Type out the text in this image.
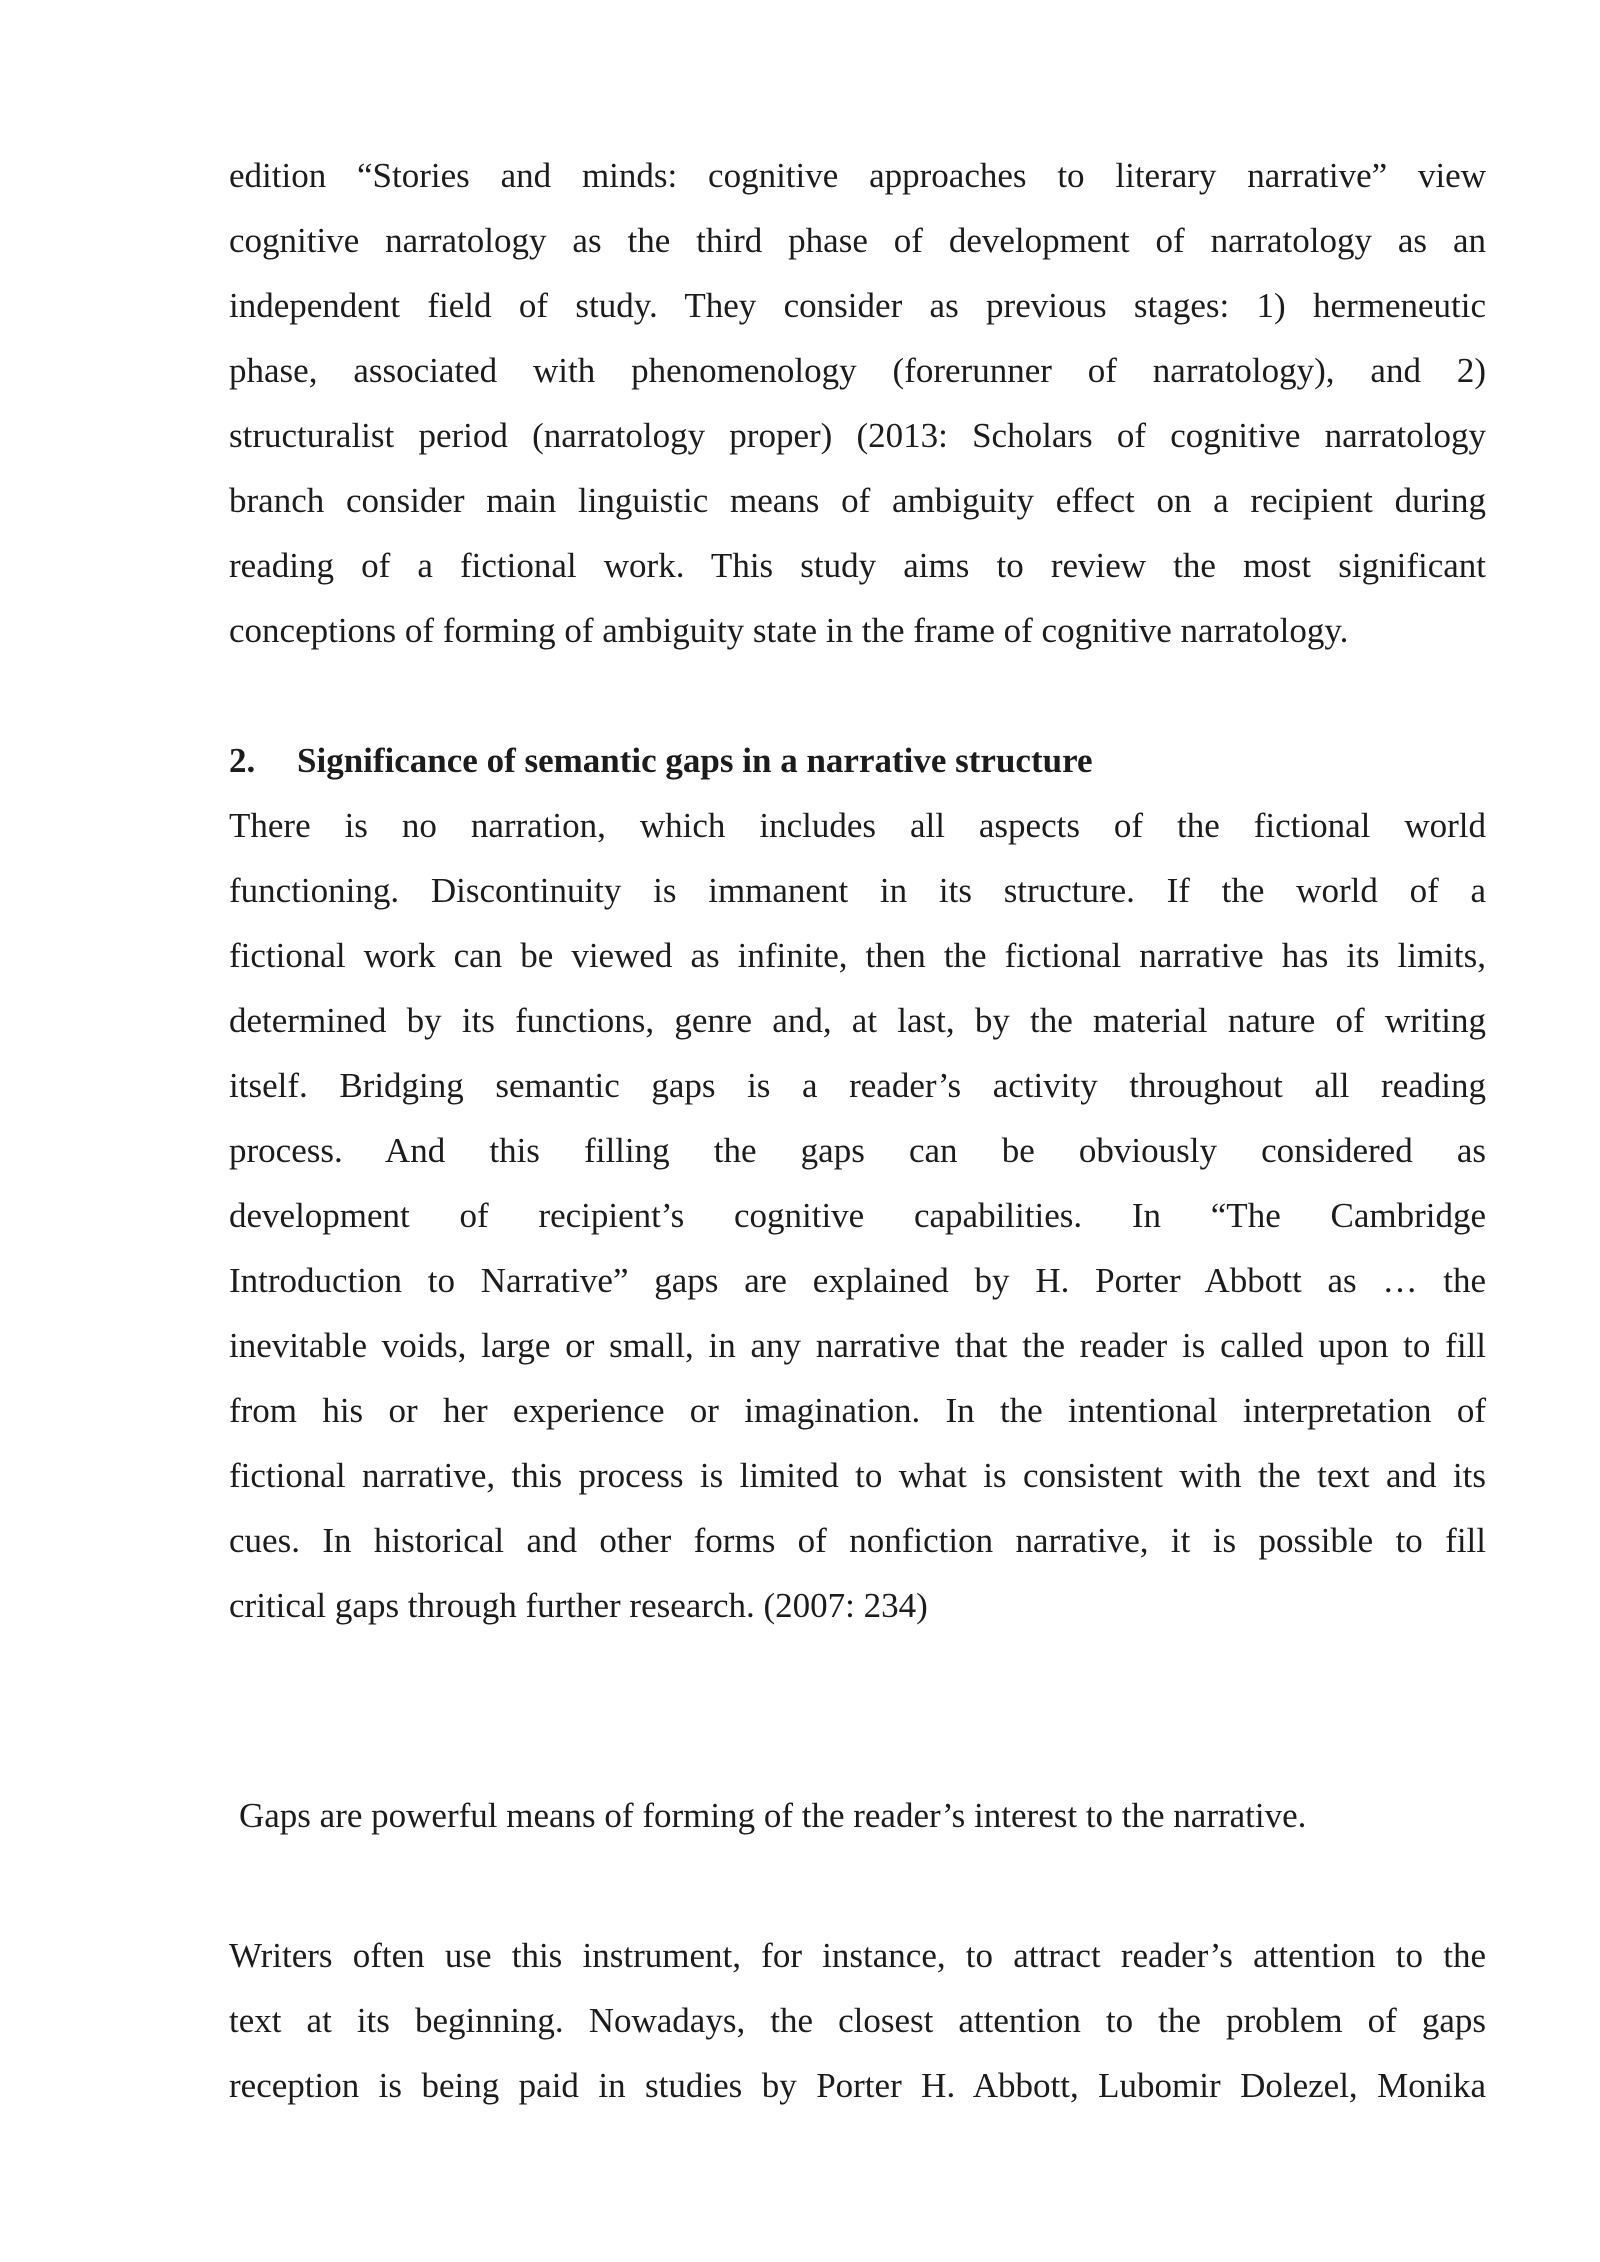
edition “Stories and minds: cognitive approaches to literary narrative” view
cognitive narratology as the third phase of development of narratology as an
independent field of study. They consider as previous stages: 1) hermeneutic
phase, associated with phenomenology (forerunner of narratology), and 2)
structuralist period (narratology proper) (2013: Scholars of cognitive narratology
branch consider main linguistic means of ambiguity effect on a recipient during
reading of a fictional work. This study aims to review the most significant
conceptions of forming of ambiguity state in the frame of cognitive narratology.
2. Significance of semantic gaps in a narrative structure
There is no narration, which includes all aspects of the fictional world
functioning. Discontinuity is immanent in its structure. If the world of a
fictional work can be viewed as infinite, then the fictional narrative has its limits,
determined by its functions, genre and, at last, by the material nature of writing
itself. Bridging semantic gaps is a reader’s activity throughout all reading
process. And this filling the gaps can be obviously considered as
development of recipient’s cognitive capabilities. In “The Cambridge
Introduction to Narrative” gaps are explained by H. Porter Abbott as … the
inevitable voids, large or small, in any narrative that the reader is called upon to fill
from his or her experience or imagination. In the intentional interpretation of
fictional narrative, this process is limited to what is consistent with the text and its
cues. In historical and other forms of nonfiction narrative, it is possible to fill
critical gaps through further research. (2007: 234)
Gaps are powerful means of forming of the reader’s interest to the narrative.
Writers often use this instrument, for instance, to attract reader’s attention to the
text at its beginning. Nowadays, the closest attention to the problem of gaps
reception is being paid in studies by Porter H. Abbott, Lubomir Dolezel, Monika
